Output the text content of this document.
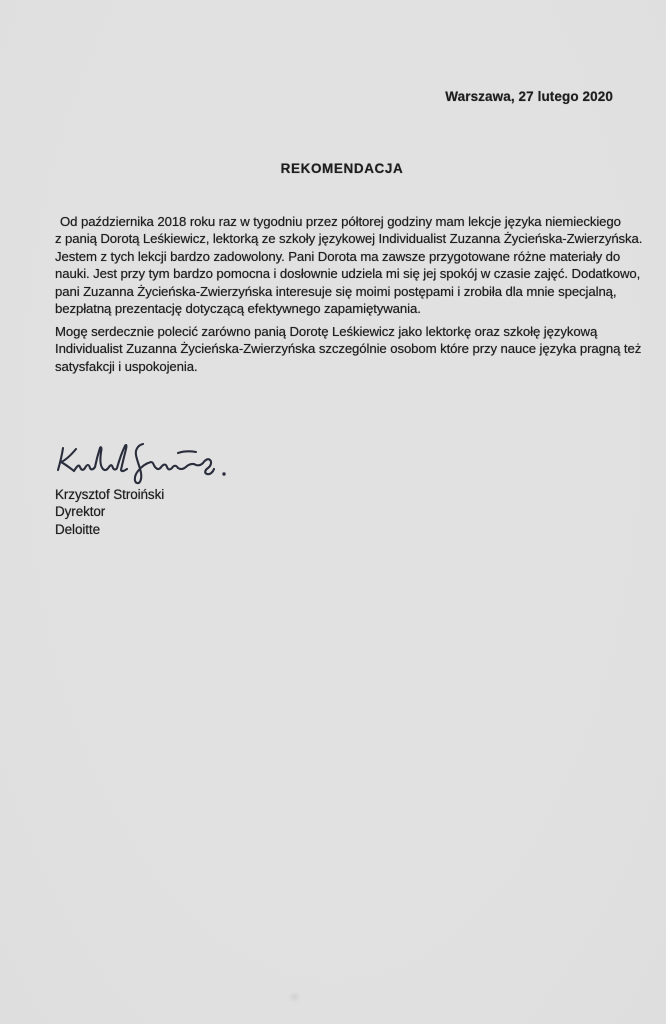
Warszawa, 27 lutego 2020
REKOMENDACJA
Od października 2018 roku raz w tygodniu przez półtorej godziny mam lekcje języka niemieckiego
z panią Dorotą Leśkiewicz, lektorką ze szkoły językowej Individualist Zuzanna Życieńska-Zwierzyńska.
Jestem z tych lekcji bardzo zadowolony. Pani Dorota ma zawsze przygotowane różne materiały do
nauki. Jest przy tym bardzo pomocna i dosłownie udziela mi się jej spokój w czasie zajęć. Dodatkowo,
pani Zuzanna Życieńska-Zwierzyńska interesuje się moimi postępami i zrobiła dla mnie specjalną,
bezpłatną prezentację dotyczącą efektywnego zapamiętywania.
Mogę serdecznie polecić zarówno panią Dorotę Leśkiewicz jako lektorkę oraz szkołę językową
Individualist Zuzanna Życieńska-Zwierzyńska szczególnie osobom które przy nauce języka pragną też
satysfakcji i uspokojenia.
Krzysztof Stroiński
Dyrektor
Deloitte
